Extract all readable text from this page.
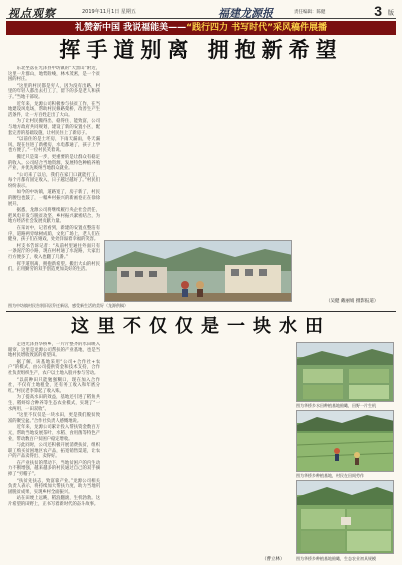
视点观察	2019年11月1日 星期五	福建龙源报	责任编辑：陈健	3 版
礼赞新中国 我说福能美——“践行四力 书写时代”采风稿件展播
挥手道别离 拥抱新希望

东北坐落在光泽县中坊镇的“大黑山”附近，这里一片群山，地势险峻，林木茂密，是一个贫困的村庄。

“这里的村民都是穷人，因为没有出路，村里的年轻人都出去打工了，留下的多是老人和孩子。”当地干部说。

近年来，龙源公司积极参与扶贫工作，在当地建设风电场，帮助村民修路架桥，改善生产生活条件，让一方百姓走出了大山。

为了让村民搬得出、稳得住、能致富，公司与地方政府共同规划，建设了新的安置小区，配套完善的基础设施，让村民住上了新房子。

“以前住的是土坯房，下雨天漏雨，冬天漏风，现在住进了新楼房，水电都通了，孩子上学也方便了。”一位村民笑着说。

搬迁只是第一步，更重要的是让群众有稳定的收入。公司结合当地资源，发展特色种植养殖产业，并优先吸纳当地群众就业。

“公司来了以后，我们在家门口就能打工，每个月都有固定收入，日子越过越好了。”村民们纷纷表示。

如今的中坊镇，道路宽了，房子新了，村民的腰包也鼓了，一幅乡村振兴的新画卷正在徐徐展开。

据悉，龙源公司将继续履行央企社会责任，把风电开发与脱贫攻坚、乡村振兴紧密结合，为地方经济社会发展贡献力量。

在采访中，记者看到，新建的安置点整洁有序，道路两旁绿树成荫，文化广场上，老人们在健身，孩子们在嬉戏，处处洋溢着幸福的笑容。

村支书告诉记者：“从前村里通往外面只有一条泥泞的小路，现在村村通了水泥路，大家出行方便多了，收入也翻了几番。”

挥手道别离，拥抱新希望。搬出大山的村民们，正用勤劳的双手创造更加美好的生活。

图为中坊镇村民告别旧居乔迁新居，感受新生活的美好（龙源供稿）
（吴健 戴丽娟 摄影报道）
这里不仅仅是一块水田

走进光泽县华桥乡，一片片整齐的水田映入眼帘。这里是龙源公司帮扶的产业基地，也是当地村民增收致富的希望田。

据了解，该基地采用“公司+合作社+农户”的模式，由公司提供资金和技术支持，合作社负责组织生产，农户以土地入股并参与劳动。

“以前种田只能勉强糊口，现在加入合作社，不仅有土地租金，还有务工收入和年底分红。”村民老李算起了收入账。

为了提高水田的效益，基地还引进了稻鱼共生、稻虾综合种养等生态农业模式，实现了“一水两用、一田双收”。

“这里不仅仅是一块水田，更是我们脱贫致富的聚宝盆。”合作社负责人感慨地说。

近年来，龙源公司累计投入帮扶资金数百万元，帮助当地发展茶叶、水稻、食用菌等特色产业，带动数百户贫困户稳定增收。

与此同时，公司还积极开展消费扶贫，组织职工购买贫困地区农产品，拓宽销售渠道，让农户的产品卖得出、卖得好。

在产业扶贫的带动下，当地贫困户的内生动力不断增强，越来越多的村民通过自己的双手摘掉了“穷帽子”。

“扶贫先扶志，致富靠产业。”龙源公司相关负责人表示，将持续加大帮扶力度，助力当地巩固脱贫成果，实现乡村全面振兴。

站在田埂上远眺，稻浪翻滚，生机勃勃。这片希望的田野上，正书写着新时代的奋斗故事。

（曹立林）
图为华桥乡水田种植基地俯瞰，田野一片生机
图为华桥乡种植基地，村民在田间劳作
图为华桥乡种植基地俯瞰，生态农业初具规模
